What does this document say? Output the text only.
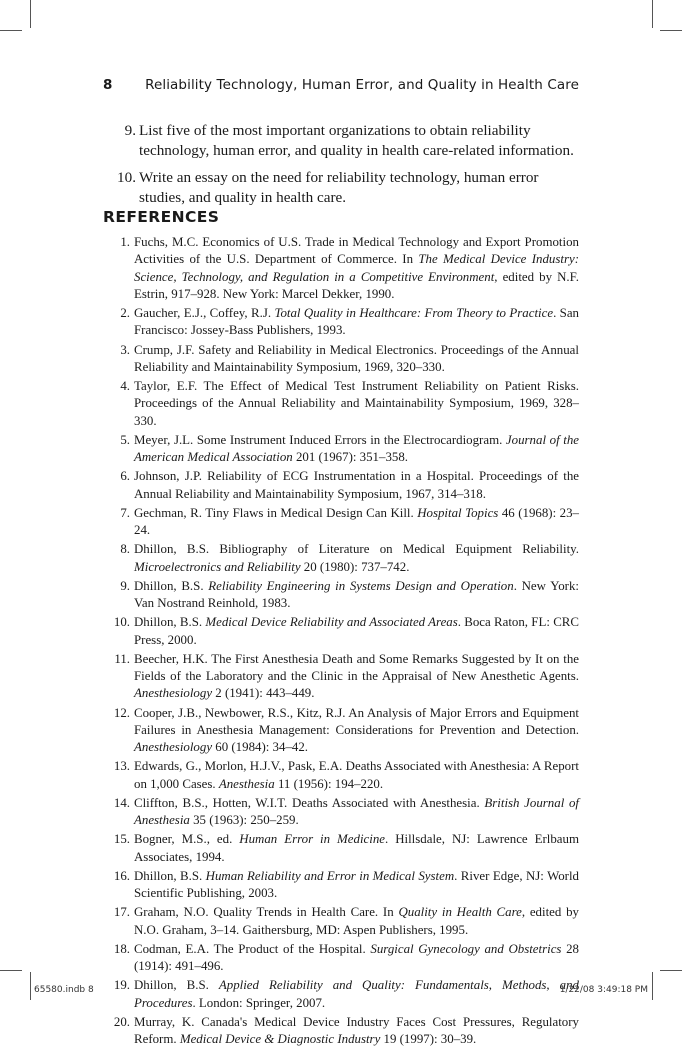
8 Reliability Technology, Human Error, and Quality in Health Care
9. List five of the most important organizations to obtain reliability technology, human error, and quality in health care-related information.
10. Write an essay on the need for reliability technology, human error studies, and quality in health care.
REFERENCES
1. Fuchs, M.C. Economics of U.S. Trade in Medical Technology and Export Promotion Activities of the U.S. Department of Commerce. In The Medical Device Industry: Science, Technology, and Regulation in a Competitive Environment, edited by N.F. Estrin, 917–928. New York: Marcel Dekker, 1990.
2. Gaucher, E.J., Coffey, R.J. Total Quality in Healthcare: From Theory to Practice. San Francisco: Jossey-Bass Publishers, 1993.
3. Crump, J.F. Safety and Reliability in Medical Electronics. Proceedings of the Annual Reliability and Maintainability Symposium, 1969, 320–330.
4. Taylor, E.F. The Effect of Medical Test Instrument Reliability on Patient Risks. Proceedings of the Annual Reliability and Maintainability Symposium, 1969, 328–330.
5. Meyer, J.L. Some Instrument Induced Errors in the Electrocardiogram. Journal of the American Medical Association 201 (1967): 351–358.
6. Johnson, J.P. Reliability of ECG Instrumentation in a Hospital. Proceedings of the Annual Reliability and Maintainability Symposium, 1967, 314–318.
7. Gechman, R. Tiny Flaws in Medical Design Can Kill. Hospital Topics 46 (1968): 23–24.
8. Dhillon, B.S. Bibliography of Literature on Medical Equipment Reliability. Microelectronics and Reliability 20 (1980): 737–742.
9. Dhillon, B.S. Reliability Engineering in Systems Design and Operation. New York: Van Nostrand Reinhold, 1983.
10. Dhillon, B.S. Medical Device Reliability and Associated Areas. Boca Raton, FL: CRC Press, 2000.
11. Beecher, H.K. The First Anesthesia Death and Some Remarks Suggested by It on the Fields of the Laboratory and the Clinic in the Appraisal of New Anesthetic Agents. Anesthesiology 2 (1941): 443–449.
12. Cooper, J.B., Newbower, R.S., Kitz, R.J. An Analysis of Major Errors and Equipment Failures in Anesthesia Management: Considerations for Prevention and Detection. Anesthesiology 60 (1984): 34–42.
13. Edwards, G., Morlon, H.J.V., Pask, E.A. Deaths Associated with Anesthesia: A Report on 1,000 Cases. Anesthesia 11 (1956): 194–220.
14. Cliffton, B.S., Hotten, W.I.T. Deaths Associated with Anesthesia. British Journal of Anesthesia 35 (1963): 250–259.
15. Bogner, M.S., ed. Human Error in Medicine. Hillsdale, NJ: Lawrence Erlbaum Associates, 1994.
16. Dhillon, B.S. Human Reliability and Error in Medical System. River Edge, NJ: World Scientific Publishing, 2003.
17. Graham, N.O. Quality Trends in Health Care. In Quality in Health Care, edited by N.O. Graham, 3–14. Gaithersburg, MD: Aspen Publishers, 1995.
18. Codman, E.A. The Product of the Hospital. Surgical Gynecology and Obstetrics 28 (1914): 491–496.
19. Dhillon, B.S. Applied Reliability and Quality: Fundamentals, Methods, and Procedures. London: Springer, 2007.
20. Murray, K. Canada's Medical Device Industry Faces Cost Pressures, Regulatory Reform. Medical Device & Diagnostic Industry 19 (1997): 30–39.
65580.indb 8	1/22/08 3:49:18 PM
